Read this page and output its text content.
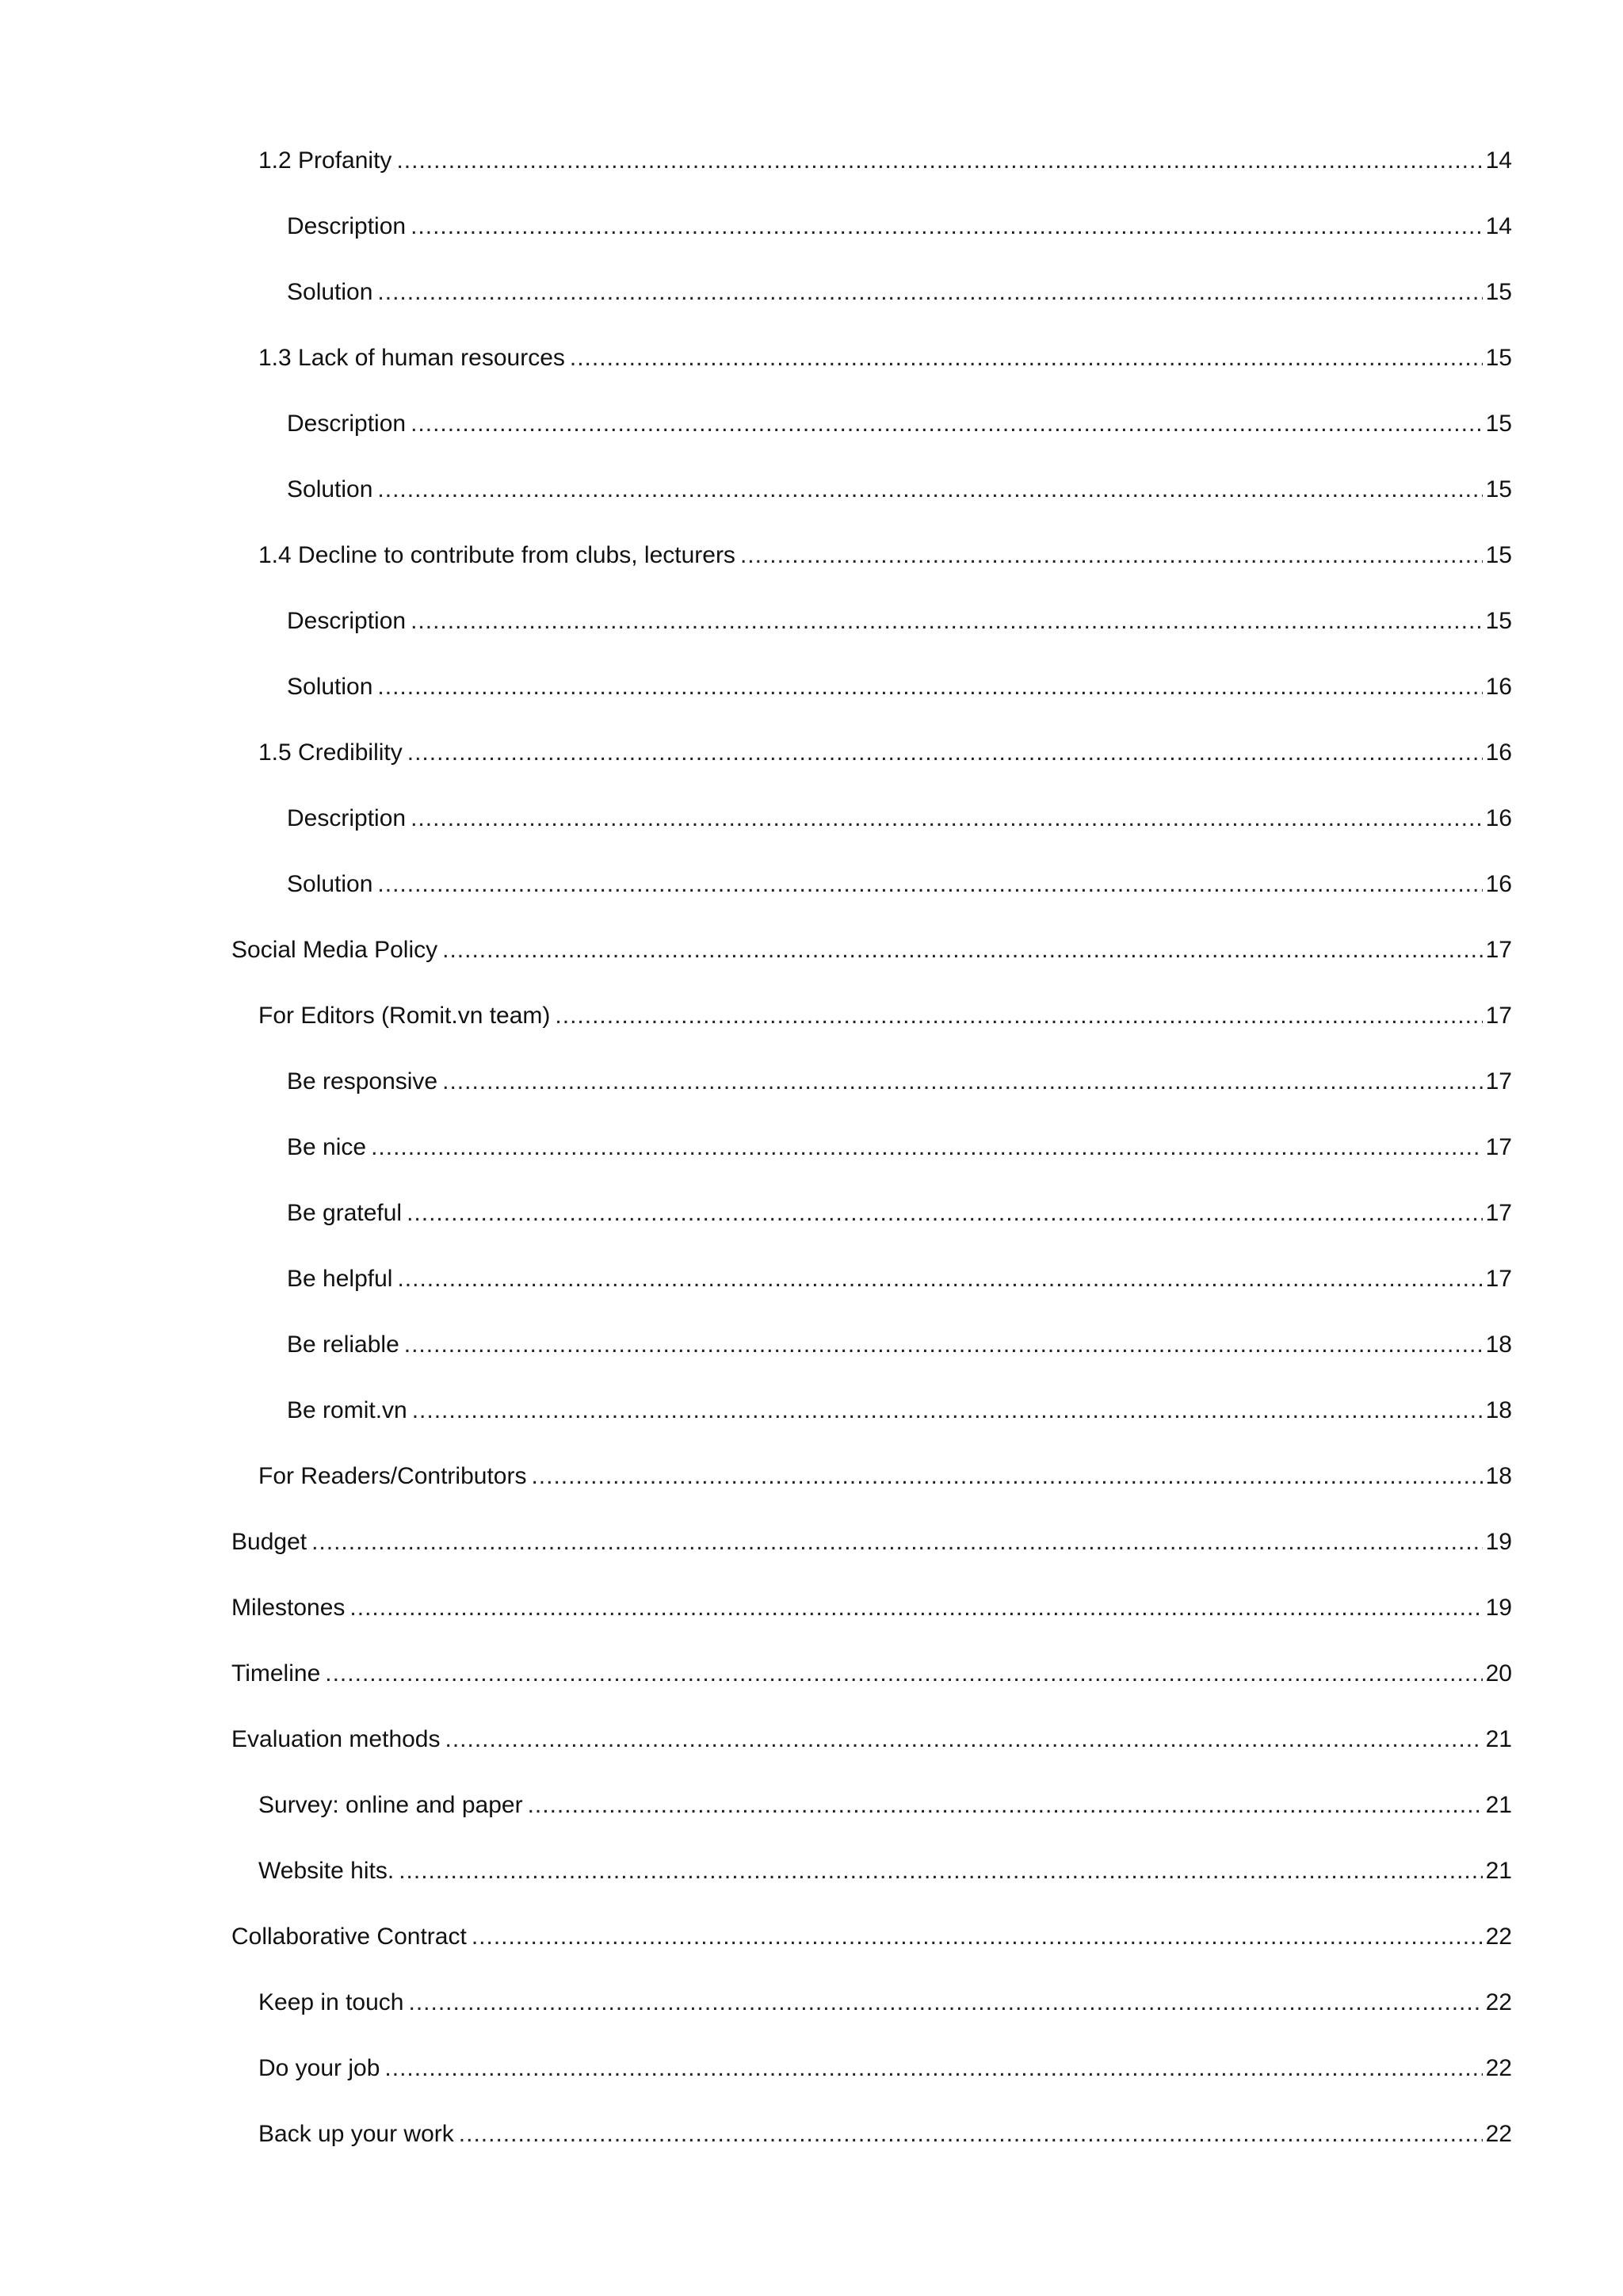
1.2 Profanity .....	14
Description .....	14
Solution .....	15
1.3 Lack of human resources .....	15
Description .....	15
Solution .....	15
1.4 Decline to contribute from clubs, lecturers .....	15
Description .....	15
Solution .....	16
1.5 Credibility .....	16
Description .....	16
Solution .....	16
Social Media Policy .....	17
For Editors (Romit.vn team) .....	17
Be responsive .....	17
Be nice .....	17
Be grateful .....	17
Be helpful .....	17
Be reliable .....	18
Be romit.vn .....	18
For Readers/Contributors .....	18
Budget .....	19
Milestones .....	19
Timeline .....	20
Evaluation methods .....	21
Survey: online and paper .....	21
Website hits. .....	21
Collaborative Contract .....	22
Keep in touch .....	22
Do your job .....	22
Back up your work .....	22
